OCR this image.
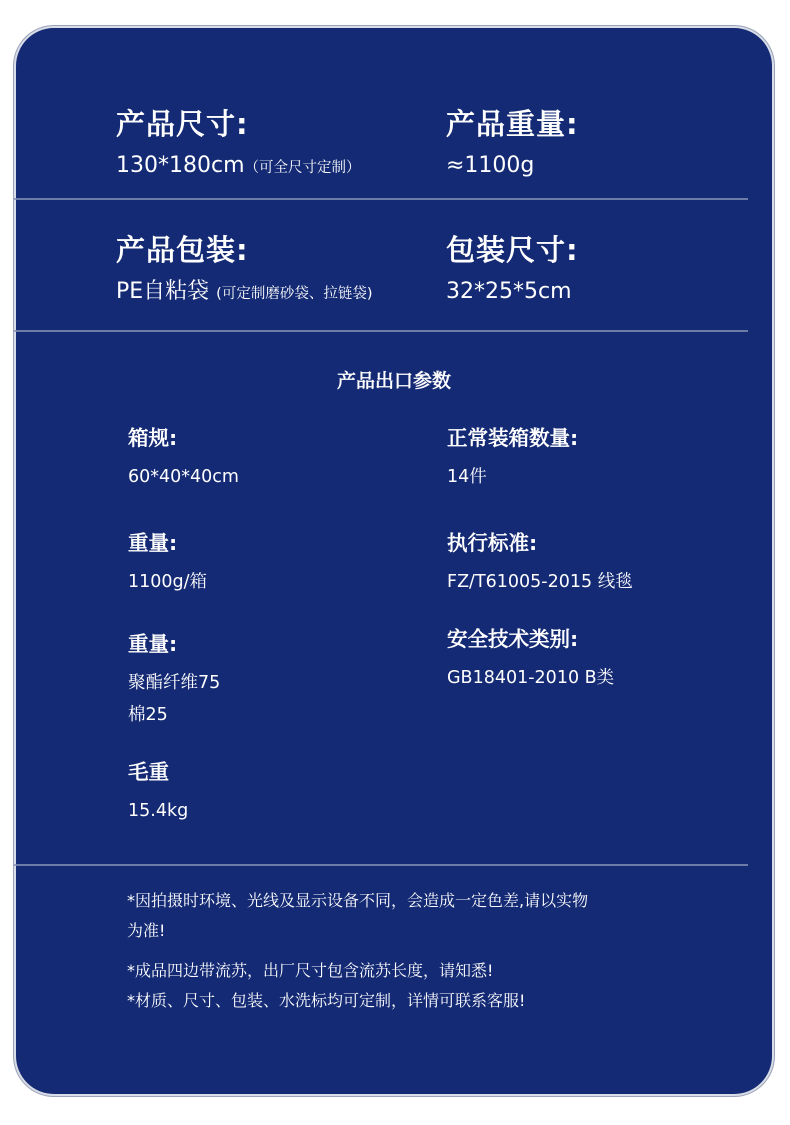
产品尺寸:
130*180cm（可全尺寸定制）
产品重量:
≈1100g
产品包装:
PE自粘袋 (可定制磨砂袋、拉链袋)
包装尺寸:
32*25*5cm
产品出口参数
箱规:
60*40*40cm
重量:
1100g/箱
重量:
聚酯纤维75
棉25
毛重
15.4kg
正常装箱数量:
14件
执行标准:
FZ/T61005-2015 线毯
安全技术类别:
GB18401-2010 B类
*因拍摄时环境、光线及显示设备不同，会造成一定色差,请以实物
为准!
*成品四边带流苏，出厂尺寸包含流苏长度，请知悉!
*材质、尺寸、包装、水洗标均可定制，详情可联系客服!
